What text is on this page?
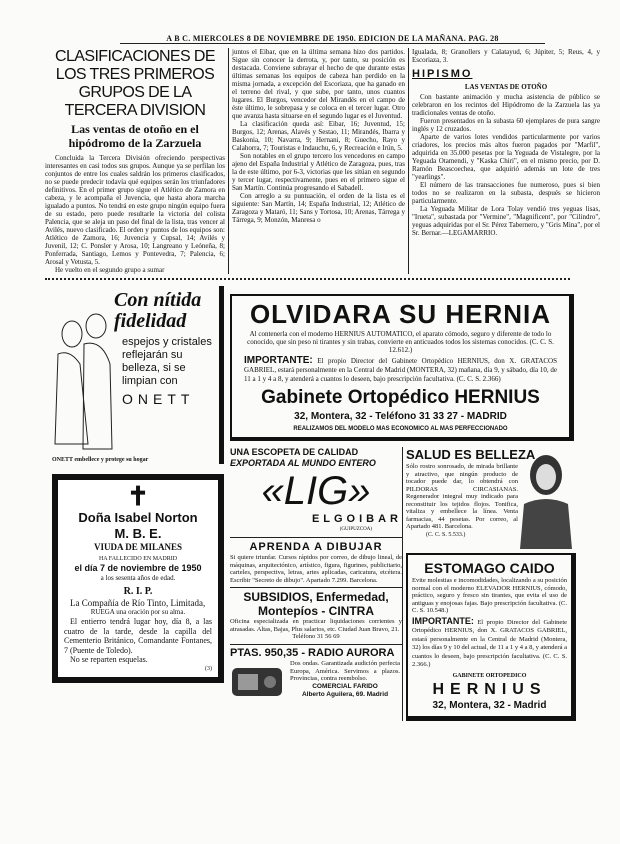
A B C. MIERCOLES 8 DE NOVIEMBRE DE 1950. EDICION DE LA MAÑANA. PAG. 28
CLASIFICACIONES DE LOS TRES PRIMEROS GRUPOS DE LA TERCERA DIVISION
Las ventas de otoño en el hipódromo de la Zarzuela
Concluida la Tercera División ofreciendo perspectivas interesantes en casi todos sus grupos. Aunque ya se perfilan los conjuntos de entre los cuales saldrán los primeros clasificados, no se puede predecir todavía qué equipos serán los triunfadores definitivos. En el primer grupo sigue el Atlético de Zamora en cabeza, y le acompaña el Juvencia, que hasta ahora marcha igualado a puntos. No tendrá en este grupo ningún equipo fuera de su estado, pero puede resultarle la victoria del colista Palencia, que se aleja un paso del final de la lista, tras vencer al Avilés, nuevo clasificado. El orden y puntos de los equipos son: Atlético de Zamora, 16; Juvencia y Cupsal, 14; Avilés y Juvenil, 12; C. Ponsler y Arosa, 10; Langreano y Leóneña, 8; Ponferrada, Santiago, Lemos y Pontevedra, 7; Palencia, 6; Arosal y Vetusta, 5.
He vuelto en el segundo grupo a sumar
juntos el Eibar, que en la última semana hizo dos partidos. Sigue sin conocer la derrota, y, por tanto, su posición es destacada. Conviene subrayar el hecho de que durante estas últimas semanas los equipos de cabeza han perdido en la misma jornada, a excepción del Escoriaza, que ha ganado en el terreno del rival, y que sube, por tanto, unos cuantos lugares. El Burgos, vencedor del Mirandés en el campo de éste último, le sobrepasa y se coloca en el tercer lugar. Otro que avanza hasta situarse en el segundo lugar es el Juventud.
La clasificación queda así: Eibar, 16; Juventud, 15; Burgos, 12; Arenas, Alavés y Sestao, 11; Mirandés, Ibarra y Baskonia, 10; Navarra, 9; Hernani, 8; Guecho, Rayo y Calahorra, 7; Touristas e Indauchu, 6, y Recreación e Irún, 5.
Son notables en el grupo tercero los vencedores en campo ajeno del España Industrial y Atlético de Zaragoza, pues, tras la de este último, por 6-3, victorias que les sitúan en segundo y tercer lugar, respectivamente, pues en el primero sigue el San Martín. Continúa progresando el Sabadell.
Con arreglo a su puntuación, el orden de la lista es el siguiente: San Martín, 14; España Industrial, 12; Atlético de Zaragoza y Mataró, 11; Sans y Tortosa, 10; Arenas, Tárrega y Tárrega, 9; Monzón, Manresa o
Igualada, 8; Granollers y Calatayud, 6; Júpiter, 5; Reus, 4, y Escoriaza, 3.
HIPISMO
LAS VENTAS DE OTOÑO
Con bastante animación y mucha asistencia de público se celebraron en los recintos del Hipódromo de la Zarzuela las ya tradicionales ventas de otoño.
Fueron presentados en la subasta 60 ejemplares de pura sangre inglés y 12 cruzados.
Aparte de varios lotes vendidos particularmente por varios criadores, los precios más altos fueron pagados por "Marfil", adquirida en 35.000 pesetas por la Yeguada de Vistalegre, por la Yeguada Otamendi, y "Kaska Chiri", en el mismo precio, por D. Ramón Beascoechea, que adquirió además un lote de tres "yearlings".
El número de las transacciones fue numeroso, pues si bien todos no se realizaron en la subasta, después se hicieron particularmente.
La Yeguada Militar de Lora Tolay vendió tres yeguas lisas, "Irueta", subastada por "Vermine", "Magnificent", por "Cilindro", yeguas adquiridas por el Sr. Pérez Tabernero, y "Gris Mina", por el Sr. Bernar.—LEGAMARRIO.
Con nítida fidelidad
espejos y cristales reflejarán su belleza, si se limpian con
ONETT
ONETT embellece y protege su hogar
✝
Doña Isabel Norton
M. B. E.
VIUDA DE MILANES
HA FALLECIDO EN MADRID
el día 7 de noviembre de 1950
a los sesenta años de edad.
R. I. P.
La Compañía de Río Tinto, Limitada,
RUEGA una oración por su alma.
El entierro tendrá lugar hoy, día 8, a las cuatro de la tarde, desde la capilla del Cementerio Británico, Comandante Fontanes, 7 (Puente de Toledo).
No se reparten esquelas.
(3)
OLVIDARA SU HERNIA
Al contenerla con el moderno HERNIUS AUTOMATICO, el aparato cómodo, seguro y diferente de todo lo conocido, que sin peso ni tirantes y sin trabas, convierte en anticuados todos los sistemas conocidos. (C. C. S. 12.612.)
IMPORTANTE: El propio Director del Gabinete Ortopédico HERNIUS, don X. GRATACOS GABRIEL, estará personalmente en la Central de Madrid (MONTERA, 32) mañana, día 9, y sábado, día 10, de 11 a 1 y 4 a 8, y atenderá a cuantos lo deseen, bajo prescripción facultativa. (C. C. S. 2.366)
Gabinete Ortopédico HERNIUS
32, Montera, 32 - Teléfono 31 33 27 - MADRID
REALIZAMOS DEL MODELO MAS ECONOMICO AL MAS PERFECCIONADO
UNA ESCOPETA DE CALIDAD
EXPORTADA AL MUNDO ENTERO
«LIG»
ELGOIBAR
(GUIPUZCOA)
APRENDA A DIBUJAR
Si quiere triunfar. Cursos rápidos por correo, de dibujo lineal, de máquinas, arquitectónico, artístico, figura, figurines, publicitario, carteles, perspectiva, letras, artes aplicadas, caricatura, etcétera. Escribir "Secreto de dibujo". Apartado 7.299. Barcelona.
SUBSIDIOS, Enfermedad,
Montepíos - CINTRA
Oficina especializada en practicar liquidaciones corrientes y atrasadas. Altas, Bajas, Plus salarios, etc. Ciudad Juan Bravo, 21.
Teléfono 31 56 69
PTAS. 950,35 - RADIO AURORA
Dos ondas. Garantizada audición perfecta Europa, América. Servimos a plazos. Provincias, contra reembolso.
COMERCIAL FARIDO
Alberto Aguilera, 69. Madrid
SALUD ES BELLEZA
Sólo rostro sonrosado, de mirada brillante y atractivo, que ningún producto de tocador puede dar, lo obtendrá con PILDORAS CIRCASIANAS. Regenerador integral muy indicado para reconstituir los tejidos flojos. Tonifica, vitaliza y embellece la línea. Venta farmacias, 44 pesetas. Por correo, al Apartado 481. Barcelona.
(C. C. S. 5.533.)
ESTOMAGO CAIDO
Evite molestias e incomodidades, localizando a su posición normal con el moderno ELEVADOR HERNIUS, cómodo, práctico, seguro y fresco sin tirantes, que evita el uso de antiguas y enojosas fajas. Bajo prescripción facultativa. (C. C. S. 10.548.)
IMPORTANTE: El propio Director del Gabinete Ortopédico HERNIUS, don X. GRATACOS GABRIEL, estará personalmente en la Central de Madrid (Montera, 32) los días 9 y 10 del actual, de 11 a 1 y 4 a 8, y atenderá a cuantos lo deseen, bajo prescripción facultativa. (C. C. S. 2.366.)
GABINETE ORTOPEDICO
HERNIUS
32, Montera, 32 - Madrid
